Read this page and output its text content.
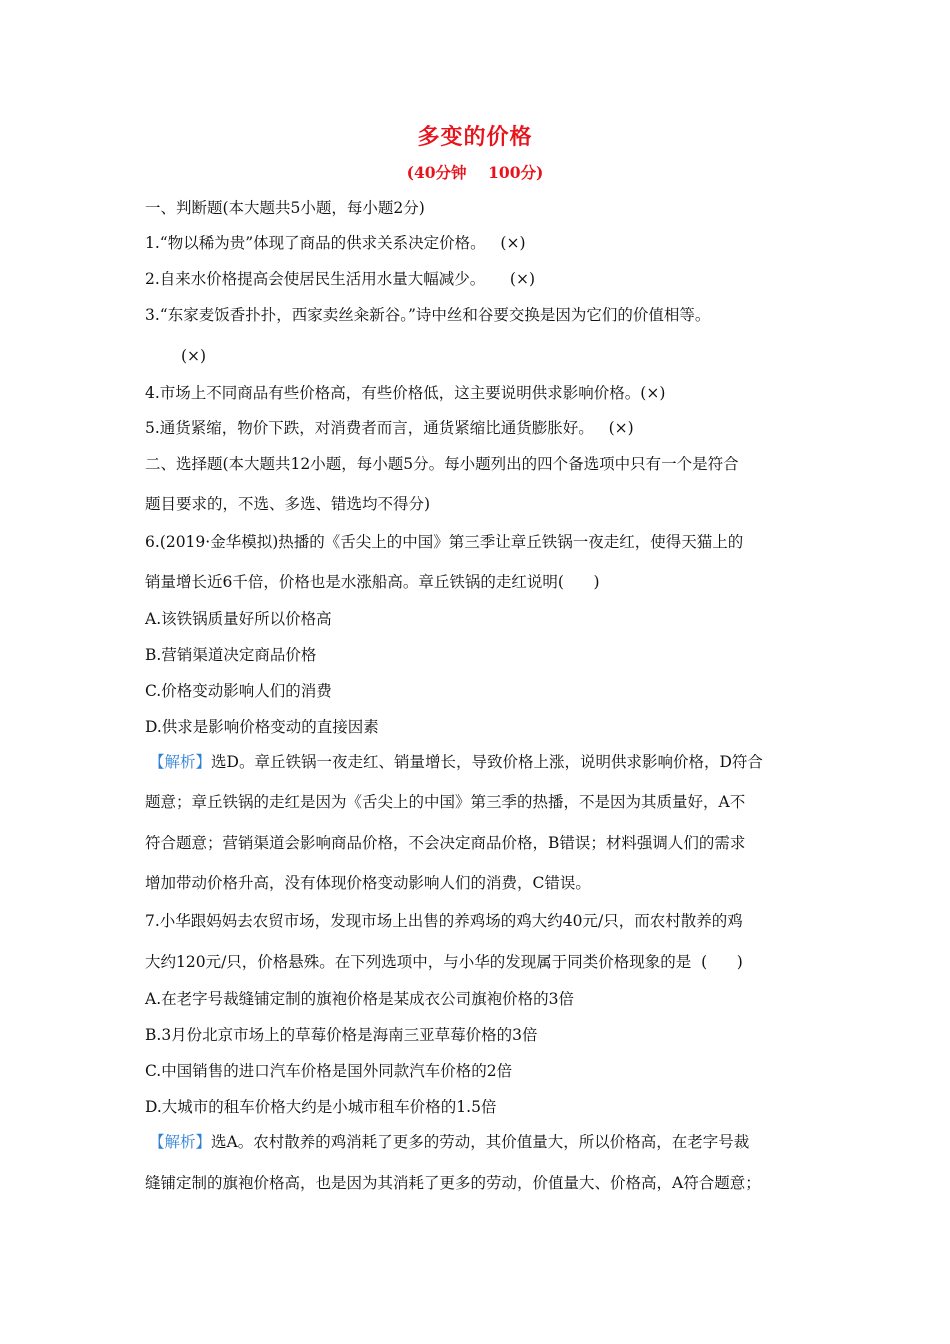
多变的价格
(40分钟    100分)
一、判断题(本大题共5小题，每小题2分)
1.“物以稀为贵”体现了商品的供求关系决定价格。   (×)
2.自来水价格提高会使居民生活用水量大幅减少。     (×)
3.“东家麦饭香扑扑，西家卖丝籴新谷。”诗中丝和谷要交换是因为它们的价值相等。
(×)
4.市场上不同商品有些价格高，有些价格低，这主要说明供求影响价格。(×)
5.通货紧缩，物价下跌，对消费者而言，通货紧缩比通货膨胀好。   (×)
二、选择题(本大题共12小题，每小题5分。每小题列出的四个备选项中只有一个是符合
题目要求的，不选、多选、错选均不得分)
6.(2019·金华模拟)热播的《舌尖上的中国》第三季让章丘铁锅一夜走红，使得天猫上的
销量增长近6千倍，价格也是水涨船高。章丘铁锅的走红说明(      )
A.该铁锅质量好所以价格高
B.营销渠道决定商品价格
C.价格变动影响人们的消费
D.供求是影响价格变动的直接因素
【解析】选D。章丘铁锅一夜走红、销量增长，导致价格上涨，说明供求影响价格，D符合
题意；章丘铁锅的走红是因为《舌尖上的中国》第三季的热播，不是因为其质量好，A不
符合题意；营销渠道会影响商品价格，不会决定商品价格，B错误；材料强调人们的需求
增加带动价格升高，没有体现价格变动影响人们的消费，C错误。
7.小华跟妈妈去农贸市场，发现市场上出售的养鸡场的鸡大约40元/只，而农村散养的鸡
大约120元/只，价格悬殊。在下列选项中，与小华的发现属于同类价格现象的是  (      )
A.在老字号裁缝铺定制的旗袍价格是某成衣公司旗袍价格的3倍
B.3月份北京市场上的草莓价格是海南三亚草莓价格的3倍
C.中国销售的进口汽车价格是国外同款汽车价格的2倍
D.大城市的租车价格大约是小城市租车价格的1.5倍
【解析】选A。农村散养的鸡消耗了更多的劳动，其价值量大，所以价格高，在老字号裁
缝铺定制的旗袍价格高，也是因为其消耗了更多的劳动，价值量大、价格高，A符合题意；
